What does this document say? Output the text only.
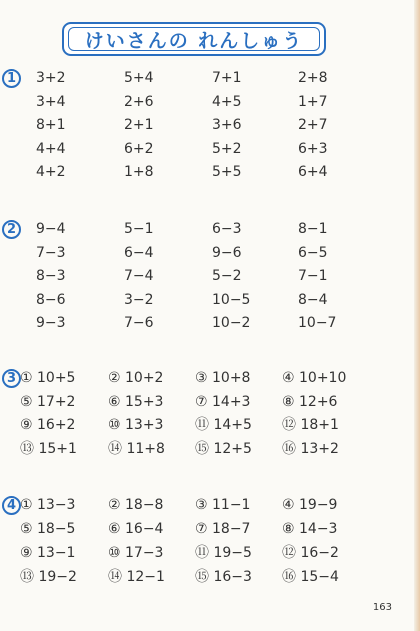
けいさんの れんしゅう
1	3+2	5+4	7+1	2+8
3+4	2+6	4+5	1+7
8+1	2+1	3+6	2+7
4+4	6+2	5+2	6+3
4+2	1+8	5+5	6+4
2	9−4	5−1	6−3	8−1
7−3	6−4	9−6	6−5
8−3	7−4	5−2	7−1
8−6	3−2	10−5	8−4
9−3	7−6	10−2	10−7
3 ① 10+5 ② 10+2 ③ 10+8 ④ 10+10
⑤ 17+2 ⑥ 15+3 ⑦ 14+3 ⑧ 12+6
⑨ 16+2 ⑩ 13+3 ⑪ 14+5 ⑫ 18+1
⑬ 15+1 ⑭ 11+8 ⑮ 12+5 ⑯ 13+2
4 ① 13−3 ② 18−8 ③ 11−1 ④ 19−9
⑤ 18−5 ⑥ 16−4 ⑦ 18−7 ⑧ 14−3
⑨ 13−1 ⑩ 17−3 ⑪ 19−5 ⑫ 16−2
⑬ 19−2 ⑭ 12−1 ⑮ 16−3 ⑯ 15−4
163
